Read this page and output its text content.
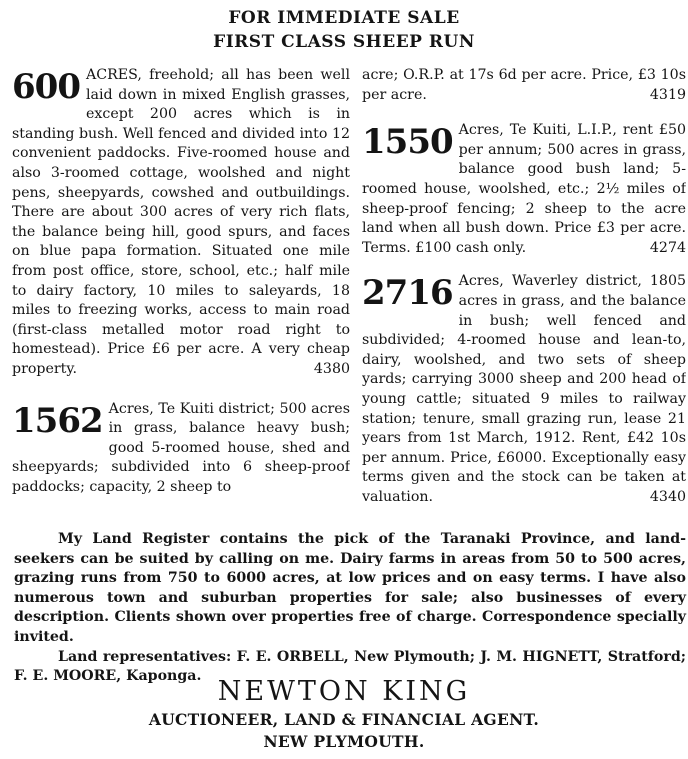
FOR IMMEDIATE SALE
FIRST CLASS SHEEP RUN
600 ACRES, freehold; all has been well laid down in mixed English grasses, except 200 acres which is in standing bush. Well fenced and divided into 12 convenient paddocks. Five-roomed house and also 3-roomed cottage, woolshed and night pens, sheepyards, cowshed and outbuildings. There are about 300 acres of very rich flats, the balance being hill, good spurs, and faces on blue papa formation. Situated one mile from post office, store, school, etc.; half mile to dairy factory, 10 miles to saleyards, 18 miles to freezing works, access to main road (first-class metalled motor road right to homestead). Price £6 per acre. A very cheap property.	4380

1562 Acres, Te Kuiti district; 500 acres in grass, balance heavy bush; good 5-roomed house, shed and sheepyards; subdivided into 6 sheep-proof paddocks; capacity, 2 sheep to

acre; O.R.P. at 17s 6d per acre. Price, £3 10s per acre.	4319

1550 Acres, Te Kuiti, L.I.P., rent £50 per annum; 500 acres in grass, balance good bush land; 5-roomed house, woolshed, etc.; 2½ miles of sheep-proof fencing; 2 sheep to the acre land when all bush down. Price £3 per acre. Terms. £100 cash only.	4274

2716 Acres, Waverley district, 1805 acres in grass, and the balance in bush; well fenced and subdivided; 4-roomed house and lean-to, dairy, woolshed, and two sets of sheep yards; carrying 3000 sheep and 200 head of young cattle; situated 9 miles to railway station; tenure, small grazing run, lease 21 years from 1st March, 1912. Rent, £42 10s per annum. Price, £6000. Exceptionally easy terms given and the stock can be taken at valuation.	4340

My Land Register contains the pick of the Taranaki Province, and land-seekers can be suited by calling on me. Dairy farms in areas from 50 to 500 acres, grazing runs from 750 to 6000 acres, at low prices and on easy terms. I have also numerous town and suburban properties for sale; also businesses of every description. Clients shown over properties free of charge. Correspondence specially invited.

Land representatives: F. E. ORBELL, New Plymouth; J. M. HIGNETT, Stratford; F. E. MOORE, Kaponga. NEWTON KING
AUCTIONEER, LAND & FINANCIAL AGENT.
NEW PLYMOUTH.
